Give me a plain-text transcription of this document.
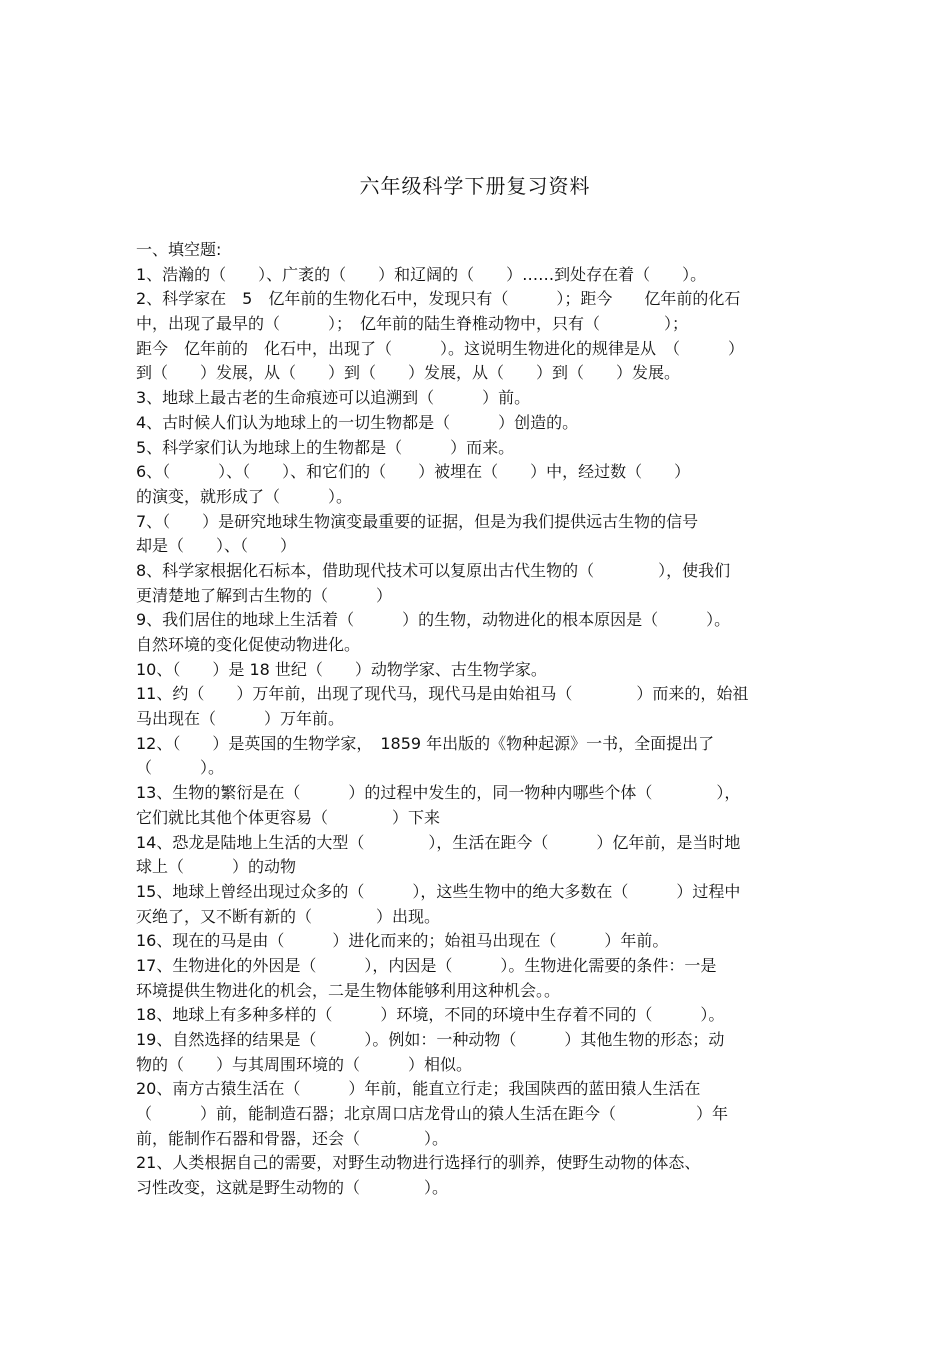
六年级科学下册复习资料
一、填空题:
1、浩瀚的（　　）、广袤的（　　）和辽阔的（　　）……到处存在着（　　）。
2、科学家在　5　亿年前的生物化石中，发现只有（　　　）；距今　　亿年前的化石
中，出现了最早的（　　　）；　亿年前的陆生脊椎动物中，只有（　　　　）；
距今　亿年前的　化石中，出现了（　　　）。这说明生物进化的规律是从　（　　　）
到（　　）发展，从（　　）到（　　）发展，从（　　）到（　　）发展。
3、地球上最古老的生命痕迹可以追溯到（　　　）前。
4、古时候人们认为地球上的一切生物都是（　　　）创造的。
5、科学家们认为地球上的生物都是（　　　）而来。
6、（　　　）、（　　）、和它们的（　　）被埋在（　　）中，经过数（　　）
的演变，就形成了（　　　）。
7、（　　）是研究地球生物演变最重要的证据，但是为我们提供远古生物的信号
却是（　　）、（　　）
8、科学家根据化石标本，借助现代技术可以复原出古代生物的（　　　　），使我们
更清楚地了解到古生物的（　　　）
9、我们居住的地球上生活着（　　　）的生物，动物进化的根本原因是（　　　）。
自然环境的变化促使动物进化。
10、（　　）是 18 世纪（　　）动物学家、古生物学家。
11、约（　　）万年前，出现了现代马，现代马是由始祖马（　　　　）而来的，始祖
马出现在（　　　）万年前。
12、（　　）是英国的生物学家，　1859 年出版的《物种起源》一书，全面提出了
（　　　）。
13、生物的繁衍是在（　　　）的过程中发生的，同一物种内哪些个体（　　　　），
它们就比其他个体更容易（　　　　）下来
14、恐龙是陆地上生活的大型（　　　　），生活在距今（　　　）亿年前，是当时地
球上（　　　）的动物
15、地球上曾经出现过众多的（　　　），这些生物中的绝大多数在（　　　）过程中
灭绝了，又不断有新的（　　　　）出现。
16、现在的马是由（　　　）进化而来的；始祖马出现在（　　　）年前。
17、生物进化的外因是（　　　），内因是（　　　）。生物进化需要的条件：一是
环境提供生物进化的机会，二是生物体能够利用这种机会。。
18、地球上有多种多样的（　　　）环境，不同的环境中生存着不同的（　　　）。
19、自然选择的结果是（　　　）。例如：一种动物（　　　）其他生物的形态；动
物的（　　）与其周围环境的（　　　）相似。
20、南方古猿生活在（　　　）年前，能直立行走；我国陕西的蓝田猿人生活在
（　　　）前，能制造石器；北京周口店龙骨山的猿人生活在距今（　　　　　）年
前，能制作石器和骨器，还会（　　　　）。
21、人类根据自己的需要，对野生动物进行选择行的驯养，使野生动物的体态、
习性改变，这就是野生动物的（　　　　）。
